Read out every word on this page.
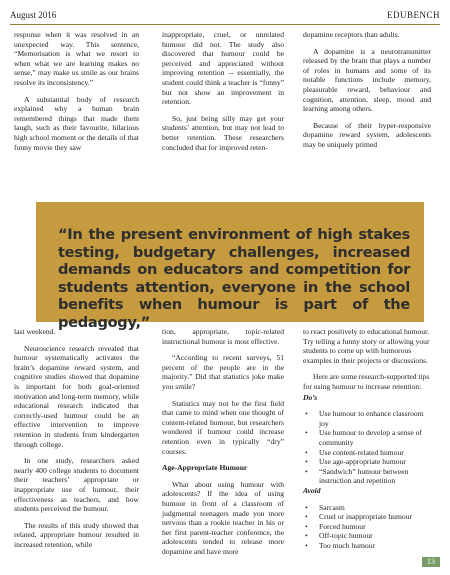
August 2016	EDUBENCH

response when it was resolved in an unexpected way. This sentence, “Memorisation is what we resort to when what we are learning makes no sense,” may make us smile as our brains resolve its inconsistency.”

A substantial body of research explained why a human brain remembered things that made them laugh, such as their favourite, hilarious high school moment or the details of that funny movie they saw

inappropriate, cruel, or unrelated humour did not. The study also discovered that humour could be perceived and appreciated without improving retention -- essentially, the student could think a teacher is “funny” but not show an improvement in retention.

So, just being silly may get your students’ attention, but may not lead to better retention. These researchers concluded that for improved reten-

dopamine receptors than adults.

A dopamine is a neurotransmitter released by the brain that plays a number of roles in humans and some of its notable functions include memory, pleasurable reward, behaviour and cognition, attention, sleep, mood and learning among others.

Because of their hyper-responsive dopamine reward system, adolescents may be uniquely primed

“In the present environment of high stakes testing, budgetary challenges, increased demands on educators and competition for students attention, everyone in the school benefits when humour is part of the pedagogy,”

last weekend.

Neuroscience research revealed that humour systematically activates the brain’s dopamine reward system, and cognitive studies showed that dopamine is important for both goal-oriented motivation and long-term memory, while educational research indicated that correctly-used humour could be an effective intervention to improve retention in students from kindergarten through college.

In one study, researchers asked nearly 400 college students to document their teachers’ appropriate or inappropriate use of humour, their effectiveness as teachers, and how students perceived the humour.

The results of this study showed that related, appropriate humour resulted in increased retention, while

tion, appropriate, topic-related instructional humour is most effective.

“According to recent surveys, 51 percent of the people are in the majority.” Did that statistics joke make you smile?

Statistics may not be the first field that came to mind when one thought of content-related humour, but researchers wondered if humour could increase retention even in typically “dry” courses.

Age-Appropriate Humour

What about using humour with adolescents? If the idea of using humour in front of a classroom of judgmental teenagers made you more nervous than a rookie teacher in his or her first parent-teacher conference, the adolescents tended to release more dopamine and have more

to react positively to educational humour. Try telling a funny story or allowing your students to come up with humorous examples in their projects or discussions.

Here are some research-supported tips for using humour to increase retention:

Do’s

• Use humour to enhance classroom joy
• Use humour to develop a sense of community
• Use content-related humour
• Use age-appropriate humour
• “Sandwich” humour between instruction and repetition

Avoid

• Sarcasm
• Cruel or inappropriate humour
• Forced humour
• Off-topic humour
• Too much humour
13
